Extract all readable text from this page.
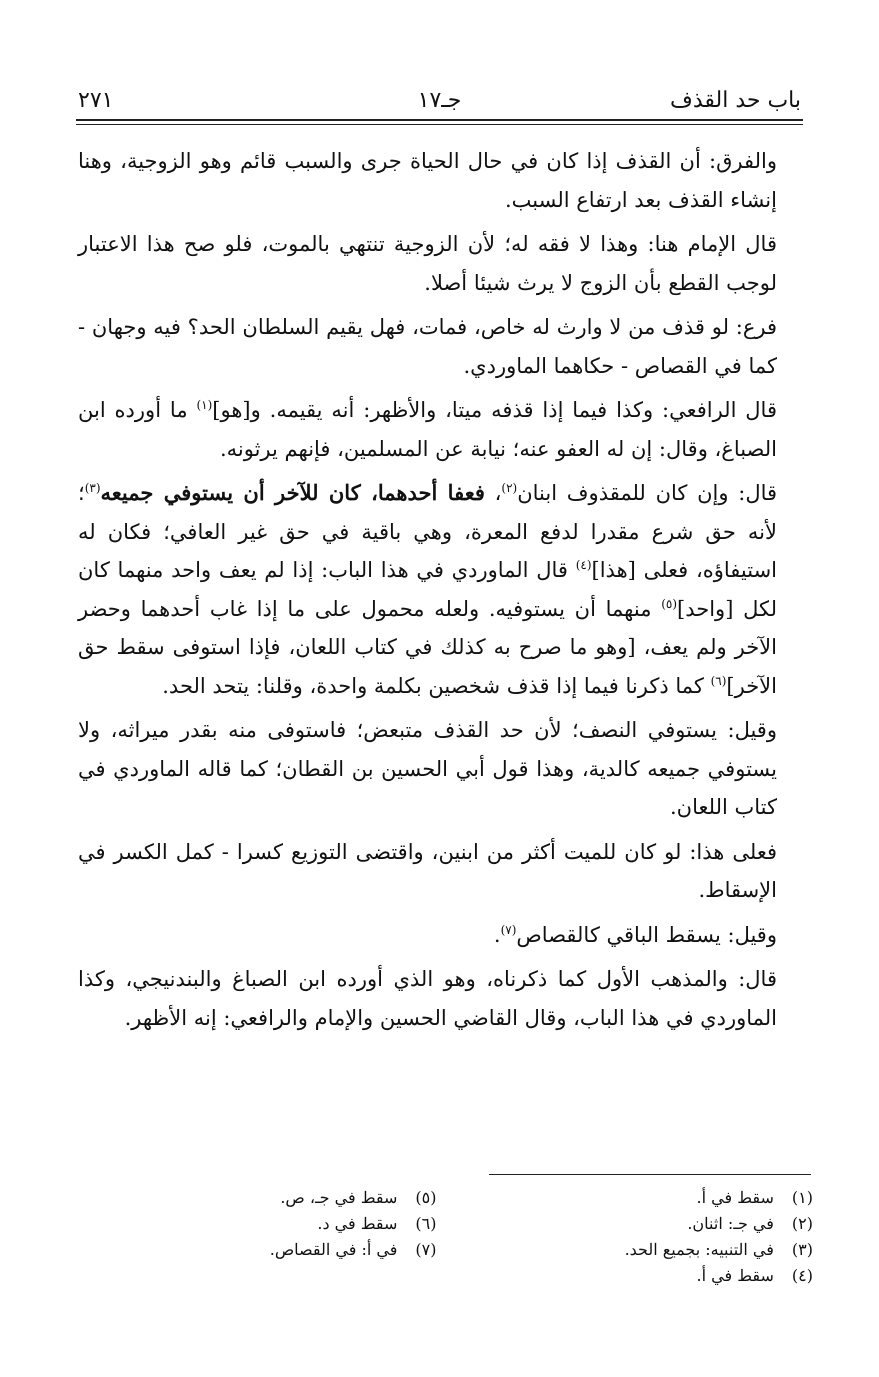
باب حد القذف
جـ١٧
٢٧١

والفرق: أن القذف إذا كان في حال الحياة جرى والسبب قائم وهو الزوجية، وهنا إنشاء القذف بعد ارتفاع السبب.

قال الإمام هنا: وهذا لا فقه له؛ لأن الزوجية تنتهي بالموت، فلو صح هذا الاعتبار لوجب القطع بأن الزوج لا يرث شيئا أصلا.

فرع: لو قذف من لا وارث له خاص، فمات، فهل يقيم السلطان الحد؟ فيه وجهان - كما في القصاص - حكاهما الماوردي.

قال الرافعي: وكذا فيما إذا قذفه ميتا، والأظهر: أنه يقيمه. و[هو]$^{(١)}$ ما أورده ابن الصباغ، وقال: إن له العفو عنه؛ نيابة عن المسلمين، فإنهم يرثونه.

قال: وإن كان للمقذوف ابنان$^{(٢)}$، فعفا أحدهما، كان للآخر أن يستوفي جميعه$^{(٣)}$؛ لأنه حق شرع مقدرا لدفع المعرة، وهي باقية في حق غير العافي؛ فكان له استيفاؤه، فعلى [هذا]$^{(٤)}$ قال الماوردي في هذا الباب: إذا لم يعف واحد منهما كان لكل [واحد]$^{(٥)}$ منهما أن يستوفيه. ولعله محمول على ما إذا غاب أحدهما وحضر الآخر ولم يعف، [وهو ما صرح به كذلك في كتاب اللعان، فإذا استوفى سقط حق الآخر]$^{(٦)}$ كما ذكرنا فيما إذا قذف شخصين بكلمة واحدة، وقلنا: يتحد الحد.

وقيل: يستوفي النصف؛ لأن حد القذف متبعض؛ فاستوفى منه بقدر ميراثه، ولا يستوفي جميعه كالدية، وهذا قول أبي الحسين بن القطان؛ كما قاله الماوردي في كتاب اللعان.

فعلى هذا: لو كان للميت أكثر من ابنين، واقتضى التوزيع كسرا - كمل الكسر في الإسقاط.

وقيل: يسقط الباقي كالقصاص$^{(٧)}$.

قال: والمذهب الأول كما ذكرناه، وهو الذي أورده ابن الصباغ والبندنيجي، وكذا الماوردي في هذا الباب، وقال القاضي الحسين والإمام والرافعي: إنه الأظهر.

(١) سقط في أ.
(٢) في جـ: اثنان.
(٣) في التنبيه: بجميع الحد.
(٤) سقط في أ.
(٥) سقط في جـ، ص.
(٦) سقط في د.
(٧) في أ: في القصاص.
